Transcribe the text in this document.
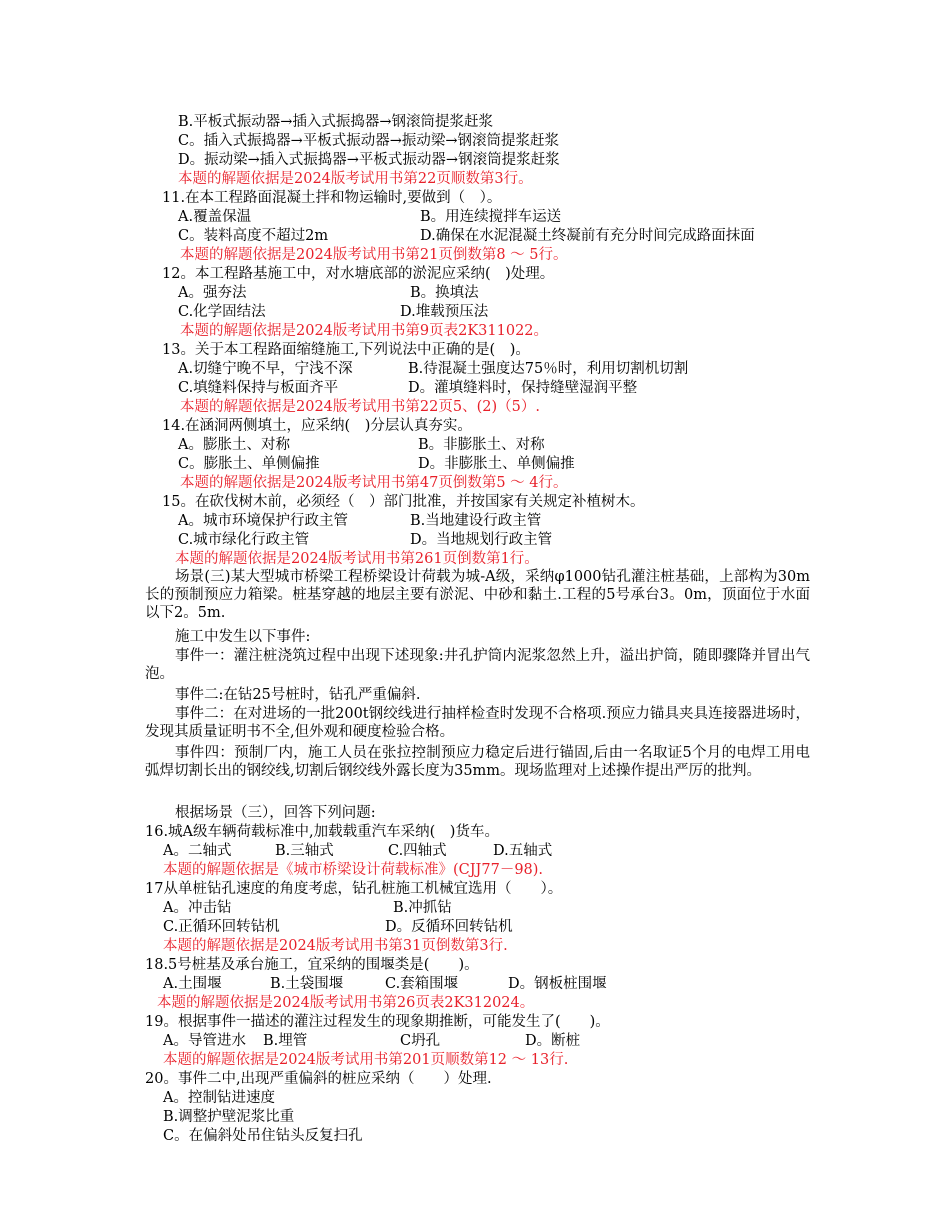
B.平板式振动器→插入式振捣器→钢滚筒提浆赶浆
C。插入式振捣器→平板式振动器→振动梁→钢滚筒提浆赶浆
D。振动梁→插入式振捣器→平板式振动器→钢滚筒提浆赶浆
本题的解题依据是2024版考试用书第22页顺数第3行。
11.在本工程路面混凝土拌和物运输时,要做到（　）。
A.覆盖保温	B。用连续搅拌车运送
C。装料高度不超过2m	D.确保在水泥混凝土终凝前有充分时间完成路面抹面
本题的解题依据是2024版考试用书第21页倒数第8 ～ 5行。
12。本工程路基施工中，对水塘底部的淤泥应采纳(　)处理。
A。强夯法	B。换填法
C.化学固结法	D.堆载预压法
本题的解题依据是2024版考试用书第9页表2K311022。
13。关于本工程路面缩缝施工,下列说法中正确的是(　)。
A.切缝宁晚不早，宁浅不深	B.待混凝土强度达75％时，利用切割机切割
C.填缝料保持与板面齐平	D。灌填缝料时，保持缝壁湿润平整
本题的解题依据是2024版考试用书第22页5、(2)（5）.
14.在涵洞两侧填土，应采纳(　)分层认真夯实。
A。膨胀土、对称	B。非膨胀土、对称
C。膨胀土、单侧偏推	D。非膨胀土、单侧偏推
本题的解题依据是2024版考试用书第47页倒数第5 ～ 4行。
15。在砍伐树木前，必须经（　）部门批准，并按国家有关规定补植树木。
A。城市环境保护行政主管	B.当地建设行政主管
C.城市绿化行政主管	D。当地规划行政主管
本题的解题依据是2024版考试用书第261页倒数第1行。
场景(三)某大型城市桥梁工程桥梁设计荷载为城-A级，采纳φ1000钻孔灌注桩基础，上部构为30m长的预制预应力箱梁。桩基穿越的地层主要有淤泥、中砂和黏土.工程的5号承台3。0m，顶面位于水面以下2。5m.
施工中发生以下事件:
事件一：灌注桩浇筑过程中出现下述现象:井孔护筒内泥浆忽然上升，溢出护筒，随即骤降并冒出气泡。
事件二:在钻25号桩时，钻孔严重偏斜.
事件二：在对进场的一批200t钢绞线进行抽样检查时发现不合格项.预应力锚具夹具连接器进场时，发现其质量证明书不全,但外观和硬度检验合格。
事件四：预制厂内，施工人员在张拉控制预应力稳定后进行锚固,后由一名取证5个月的电焊工用电弧焊切割长出的钢绞线,切割后钢绞线外露长度为35mm。现场监理对上述操作提出严厉的批判。
根据场景（三），回答下列问题:
16.城A级车辆荷载标准中,加载载重汽车采纳(　)货车。
A。二轴式	B.三轴式	C.四轴式	D.五轴式
本题的解题依据是《城市桥梁设计荷载标准》(CJJ77－98).
17从单桩钻孔速度的角度考虑，钻孔桩施工机械宜选用（　　）。
A。冲击钻	B.冲抓钻
C.正循环回转钻机	D。反循环回转钻机
本题的解题依据是2024版考试用书第31页倒数第3行.
18.5号桩基及承台施工，宜采纳的围堰类是(　　)。
A.土围堰	B.土袋围堰	C.套箱围堰	D。钢板桩围堰
本题的解题依据是2024版考试用书第26页表2K312024。
19。根据事件一描述的灌注过程发生的现象期推断，可能发生了(　　)。
A。导管进水 B.埋管	C坍孔	D。断桩
本题的解题依据是2024版考试用书第201页顺数第12 ～ 13行.
20。事件二中,出现严重偏斜的桩应采纳（　　）处理.
A。控制钻进速度
B.调整护壁泥浆比重
C。在偏斜处吊住钻头反复扫孔
